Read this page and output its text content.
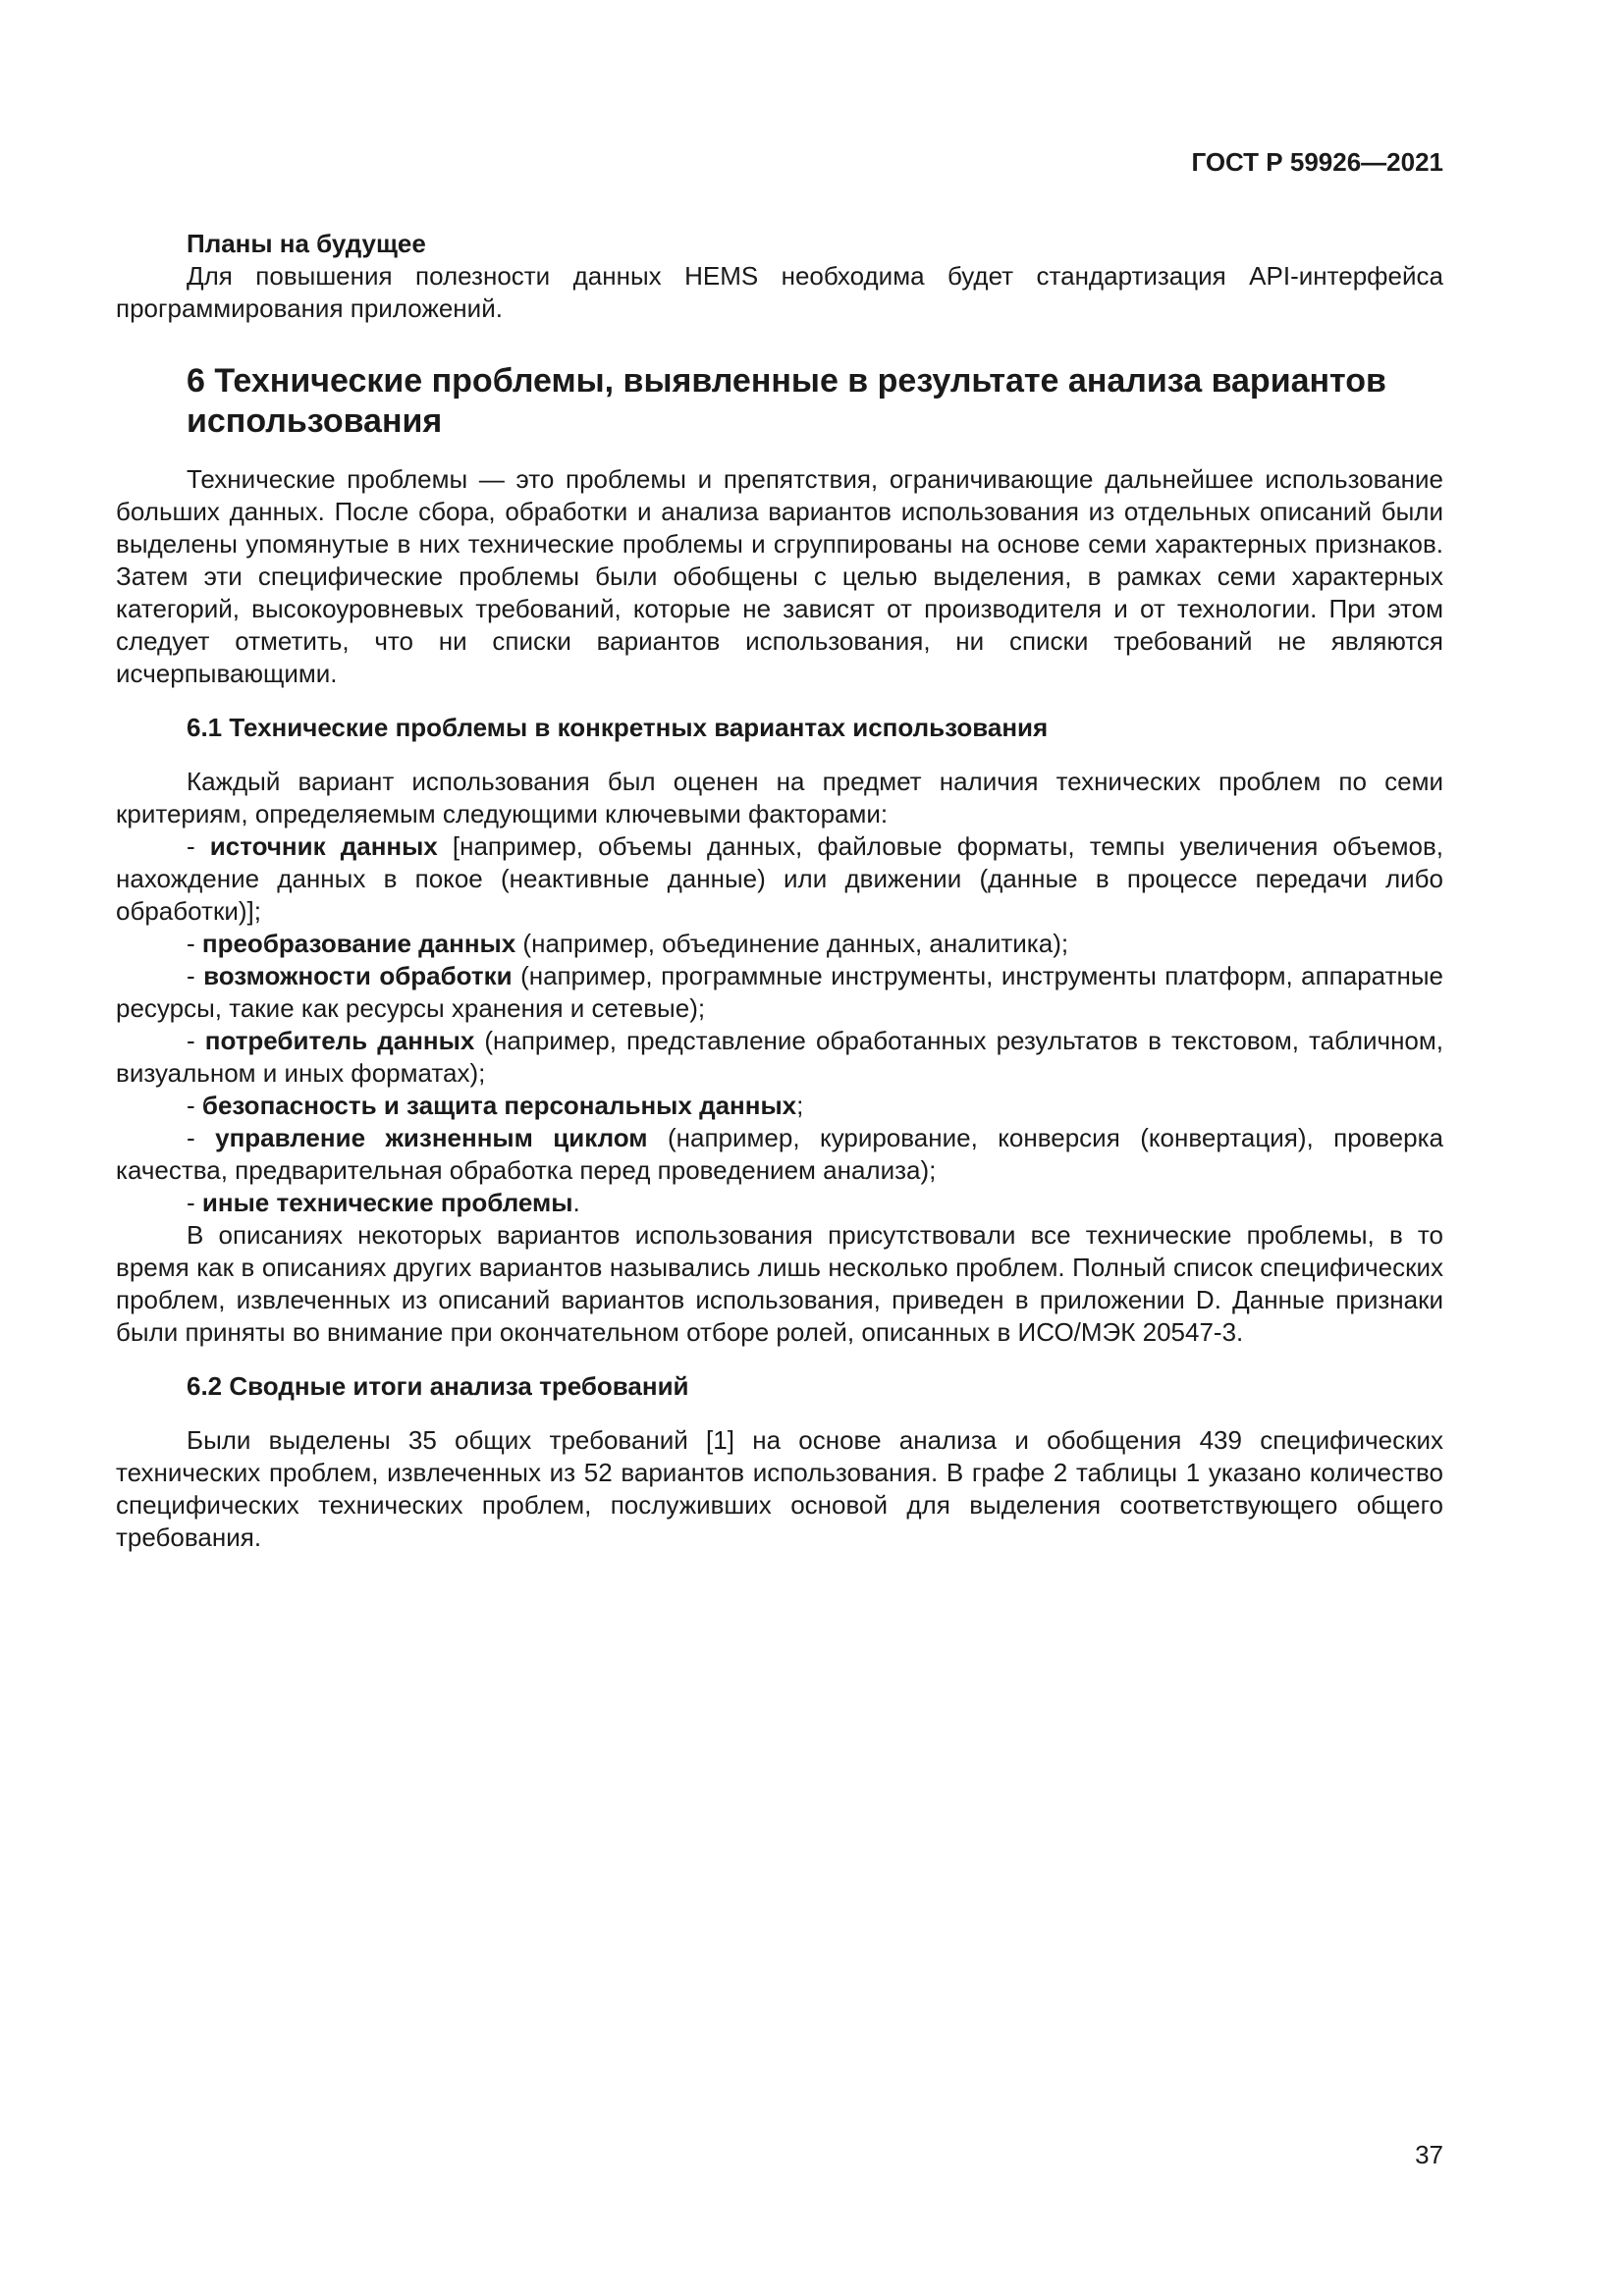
ГОСТ Р 59926—2021
Планы на будущее

Для повышения полезности данных HEMS необходима будет стандартизация API-интерфейса программирования приложений.

6 Технические проблемы, выявленные в результате анализа вариантов использования

Технические проблемы — это проблемы и препятствия, ограничивающие дальнейшее использование больших данных. После сбора, обработки и анализа вариантов использования из отдельных описаний были выделены упомянутые в них технические проблемы и сгруппированы на основе семи характерных признаков. Затем эти специфические проблемы были обобщены с целью выделения, в рамках семи характерных категорий, высокоуровневых требований, которые не зависят от производителя и от технологии. При этом следует отметить, что ни списки вариантов использования, ни списки требований не являются исчерпывающими.

6.1 Технические проблемы в конкретных вариантах использования

Каждый вариант использования был оценен на предмет наличия технических проблем по семи критериям, определяемым следующими ключевыми факторами:

- источник данных [например, объемы данных, файловые форматы, темпы увеличения объемов, нахождение данных в покое (неактивные данные) или движении (данные в процессе передачи либо обработки)];

- преобразование данных (например, объединение данных, аналитика);

- возможности обработки (например, программные инструменты, инструменты платформ, аппаратные ресурсы, такие как ресурсы хранения и сетевые);

- потребитель данных (например, представление обработанных результатов в текстовом, табличном, визуальном и иных форматах);

- безопасность и защита персональных данных;

- управление жизненным циклом (например, курирование, конверсия (конвертация), проверка качества, предварительная обработка перед проведением анализа);

- иные технические проблемы.

В описаниях некоторых вариантов использования присутствовали все технические проблемы, в то время как в описаниях других вариантов назывались лишь несколько проблем. Полный список специфических проблем, извлеченных из описаний вариантов использования, приведен в приложении D. Данные признаки были приняты во внимание при окончательном отборе ролей, описанных в ИСО/МЭК 20547-3.

6.2 Сводные итоги анализа требований

Были выделены 35 общих требований [1] на основе анализа и обобщения 439 специфических технических проблем, извлеченных из 52 вариантов использования. В графе 2 таблицы 1 указано количество специфических технических проблем, послуживших основой для выделения соответствующего общего требования.

37
